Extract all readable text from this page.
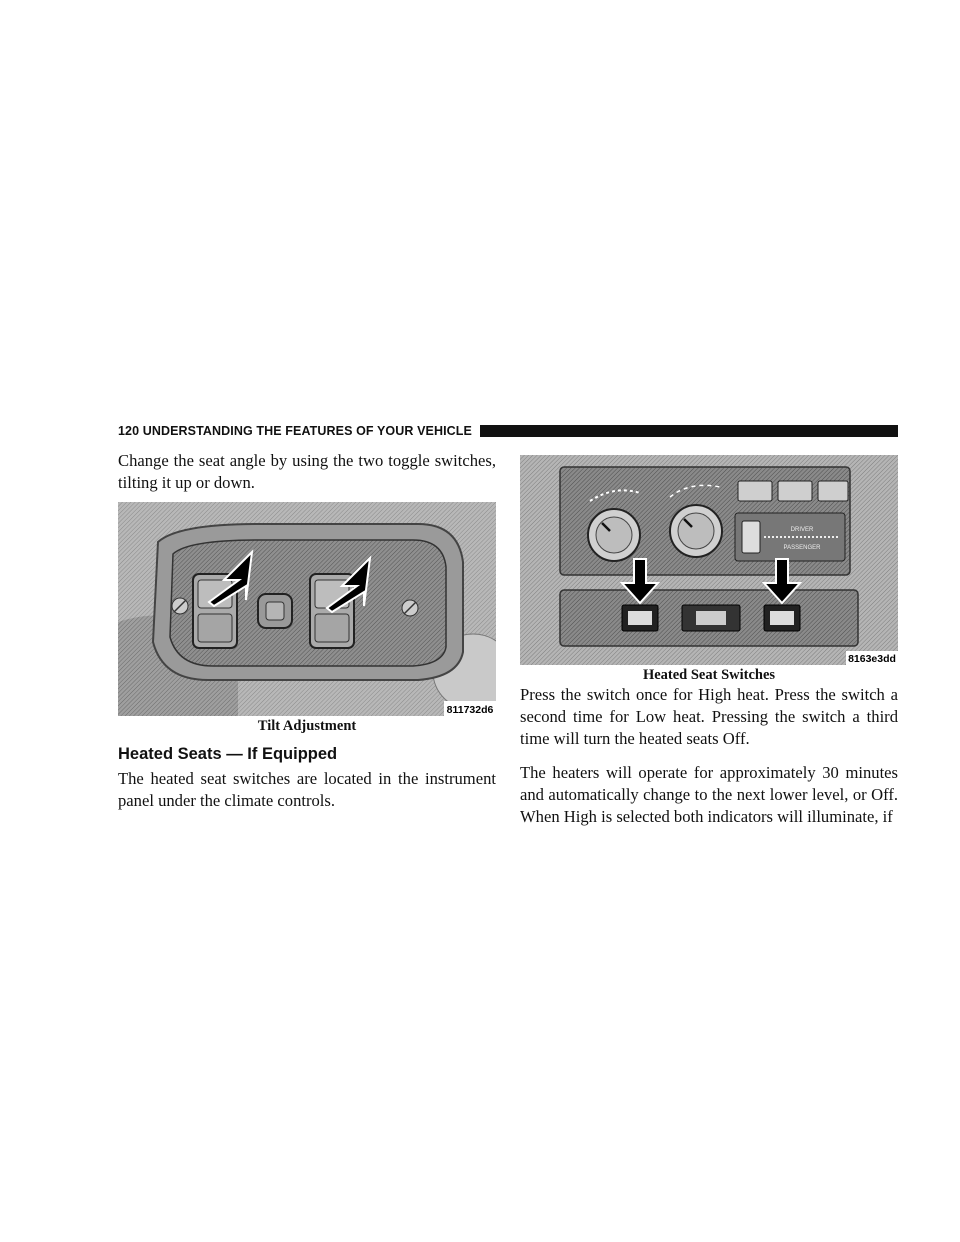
120 UNDERSTANDING THE FEATURES OF YOUR VEHICLE

Change the seat angle by using the two toggle switches, tilting it up or down.

811732d6
Tilt Adjustment
Heated Seats — If Equipped

The heated seat switches are located in the instrument panel under the climate controls.

DRIVER
PASSENGER
8163e3dd
Heated Seat Switches

Press the switch once for High heat. Press the switch a second time for Low heat. Pressing the switch a third time will turn the heated seats Off.

The heaters will operate for approximately 30 minutes and automatically change to the next lower level, or Off. When High is selected both indicators will illuminate, if
